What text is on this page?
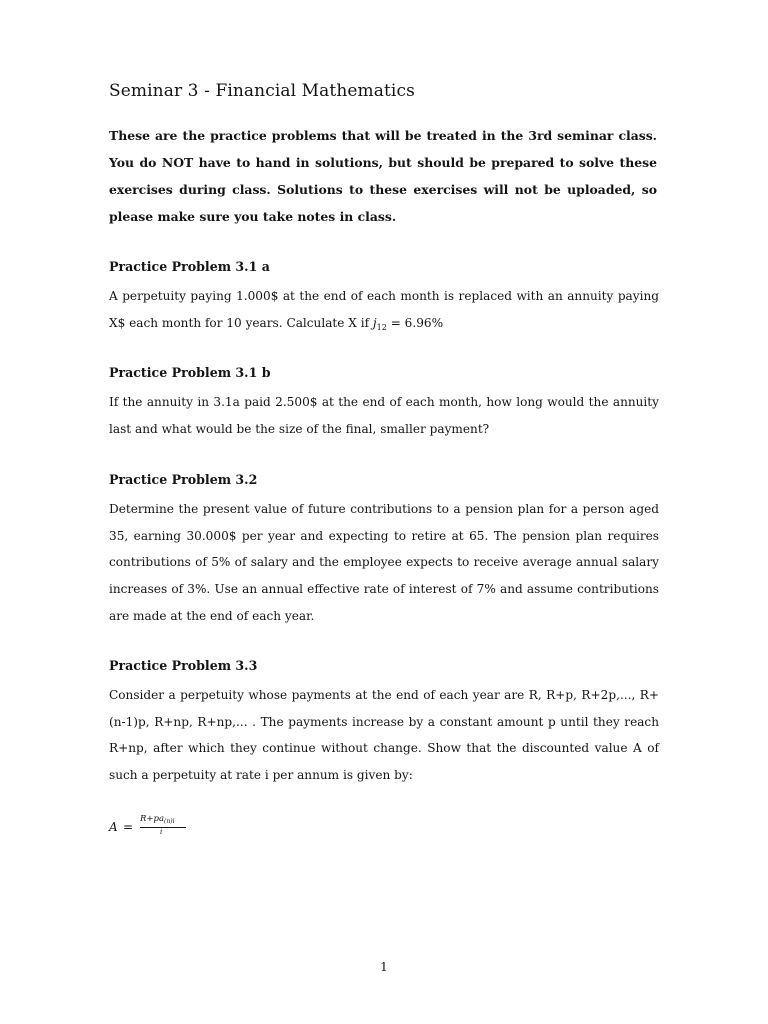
Seminar 3 - Financial Mathematics

These are the practice problems that will be treated in the 3rd seminar class. You do NOT have to hand in solutions, but should be prepared to solve these exercises during class. Solutions to these exercises will not be uploaded, so please make sure you take notes in class.

Practice Problem 3.1 a

A perpetuity paying 1.000$ at the end of each month is replaced with an annuity paying X$ each month for 10 years. Calculate X if $j_{12} = 6.96\%$

Practice Problem 3.1 b

If the annuity in 3.1a paid 2.500$ at the end of each month, how long would the annuity last and what would be the size of the final, smaller payment?

Practice Problem 3.2

Determine the present value of future contributions to a pension plan for a person aged 35, earning 30.000$ per year and expecting to retire at 65. The pension plan requires contributions of 5% of salary and the employee expects to receive average annual salary increases of 3%. Use an annual effective rate of interest of 7% and assume contributions are made at the end of each year.

Practice Problem 3.3

Consider a perpetuity whose payments at the end of each year are R, R+p, R+2p,..., R+(n-1)p, R+np, R+np,... . The payments increase by a constant amount p until they reach R+np, after which they continue without change. Show that the discounted value A of such a perpetuity at rate i per annum is given by:

A =
$R+pa_{(n)i}$
i
1
